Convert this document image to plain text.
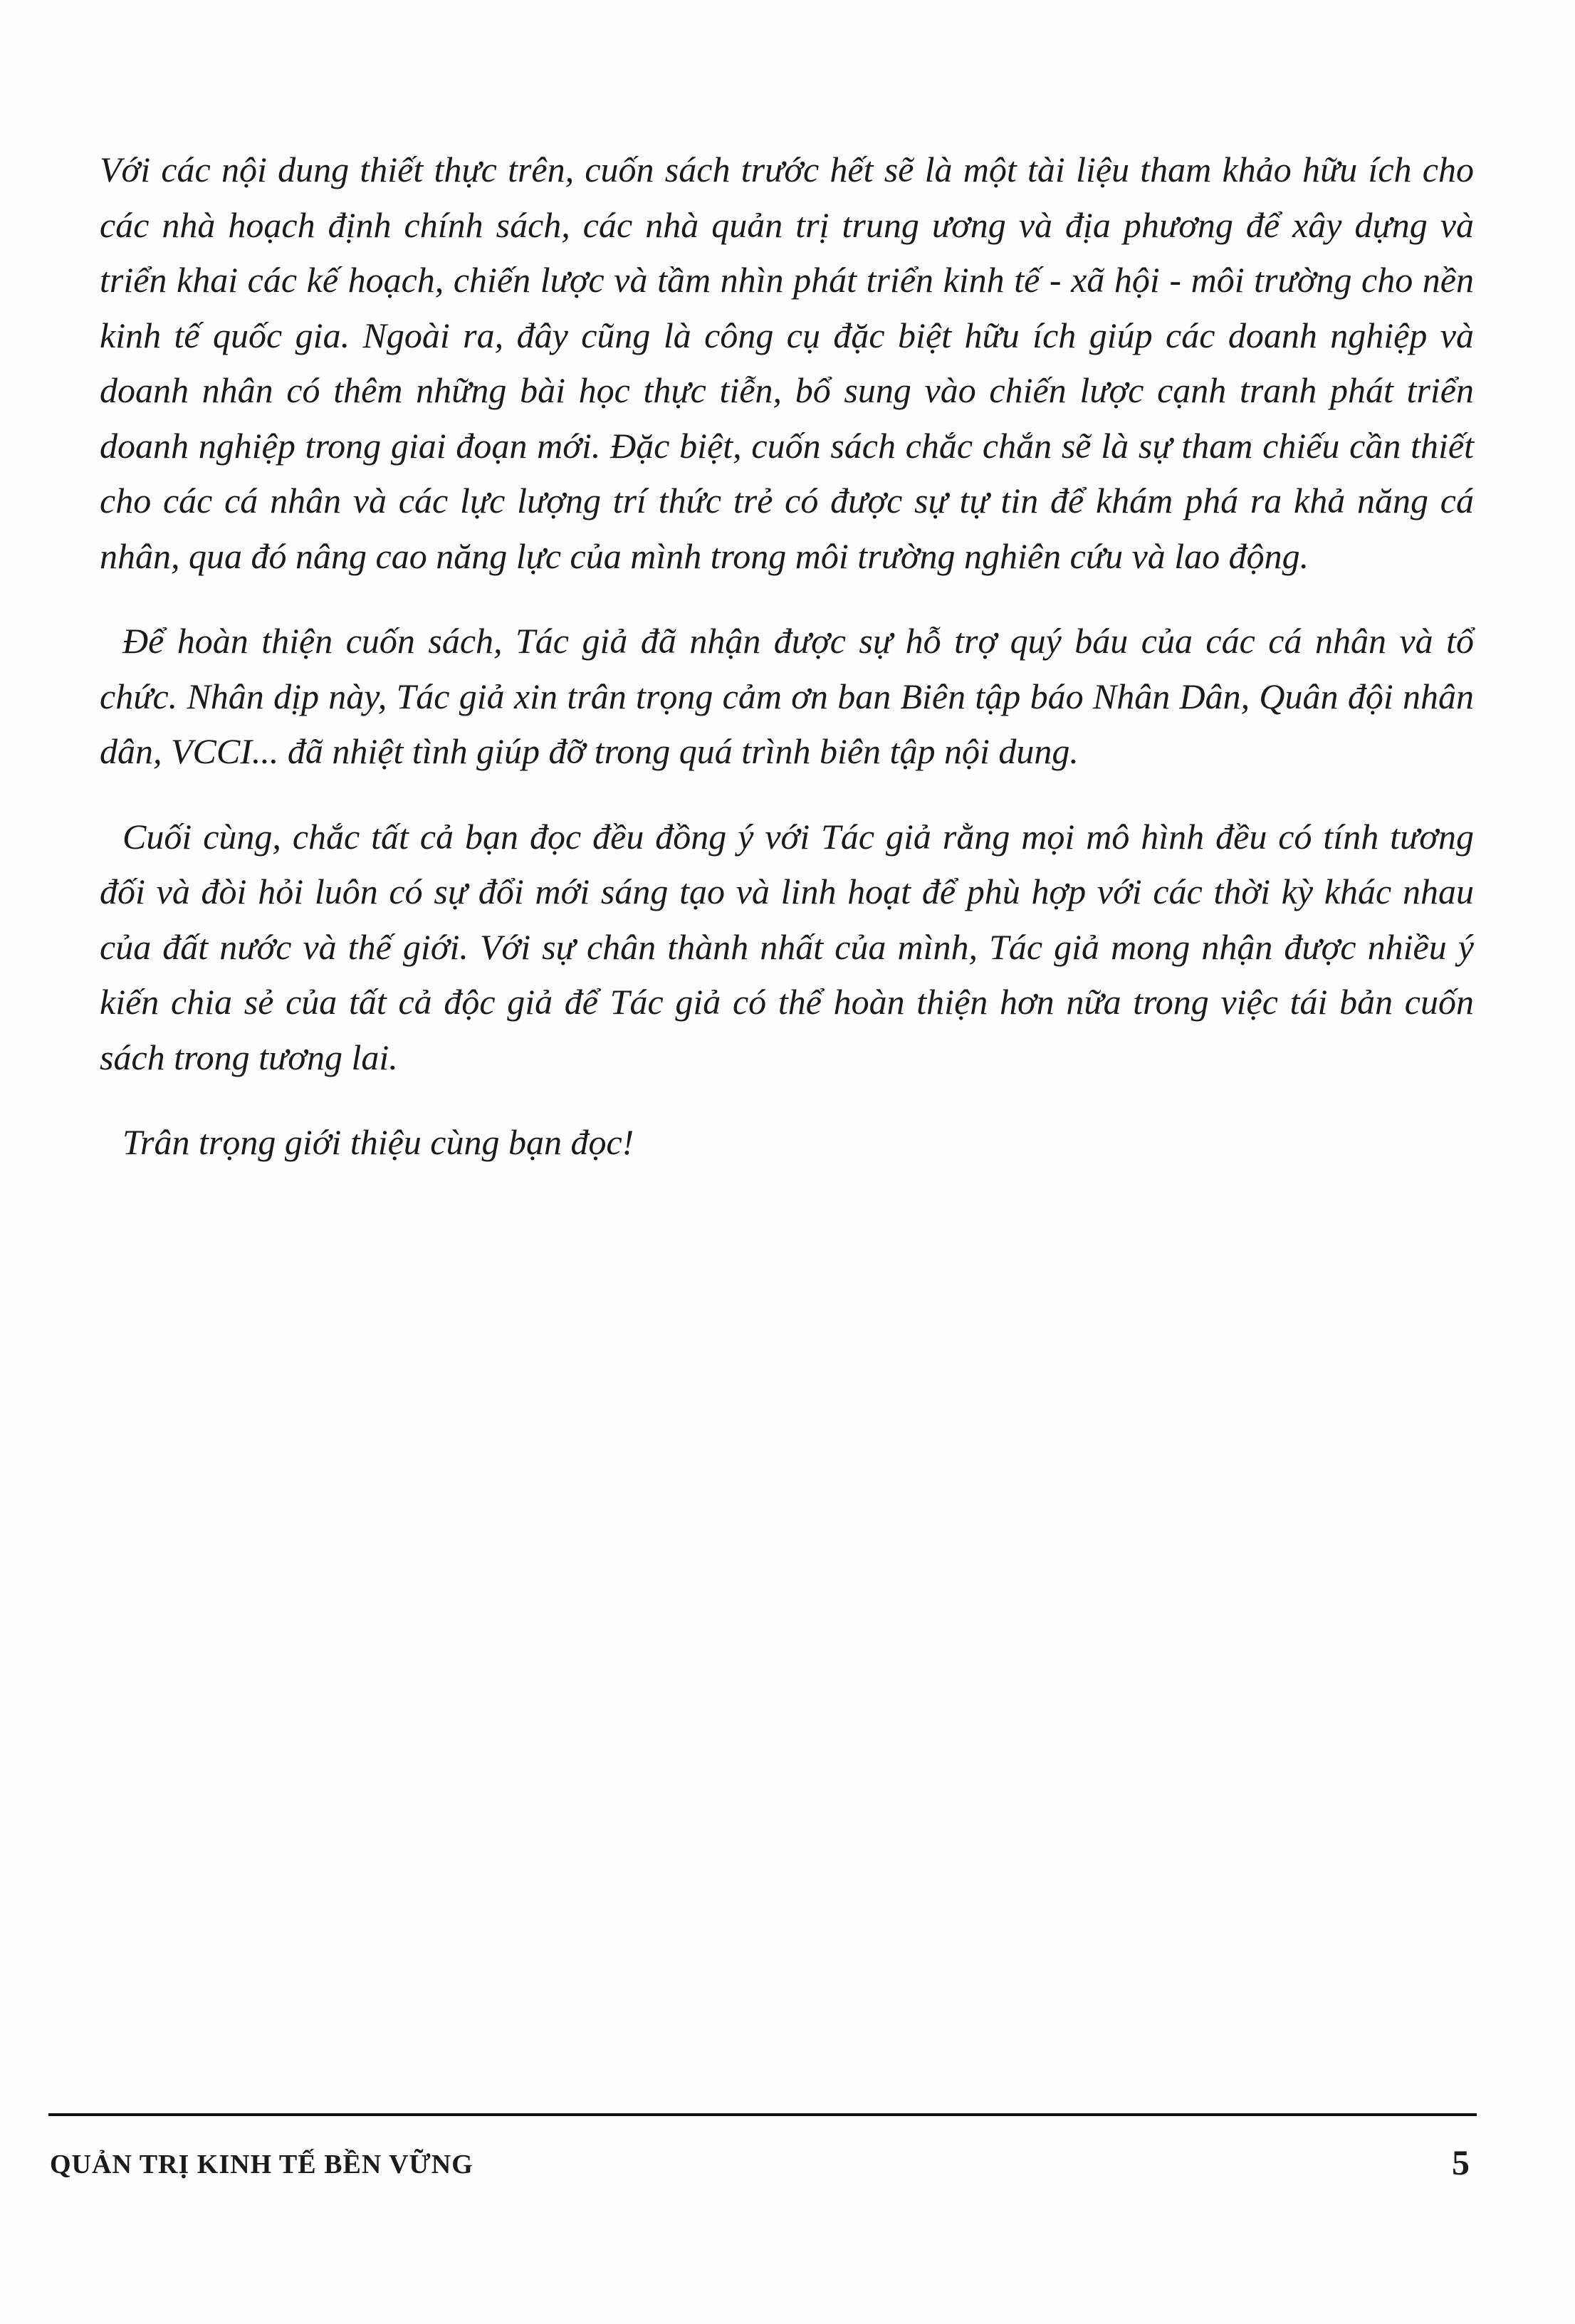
Với các nội dung thiết thực trên, cuốn sách trước hết sẽ là một tài liệu tham khảo hữu ích cho các nhà hoạch định chính sách, các nhà quản trị trung ương và địa phương để xây dựng và triển khai các kế hoạch, chiến lược và tầm nhìn phát triển kinh tế - xã hội - môi trường cho nền kinh tế quốc gia. Ngoài ra, đây cũng là công cụ đặc biệt hữu ích giúp các doanh nghiệp và doanh nhân có thêm những bài học thực tiễn, bổ sung vào chiến lược cạnh tranh phát triển doanh nghiệp trong giai đoạn mới. Đặc biệt, cuốn sách chắc chắn sẽ là sự tham chiếu cần thiết cho các cá nhân và các lực lượng trí thức trẻ có được sự tự tin để khám phá ra khả năng cá nhân, qua đó nâng cao năng lực của mình trong môi trường nghiên cứu và lao động.

Để hoàn thiện cuốn sách, Tác giả đã nhận được sự hỗ trợ quý báu của các cá nhân và tổ chức. Nhân dịp này, Tác giả xin trân trọng cảm ơn ban Biên tập báo Nhân Dân, Quân đội nhân dân, VCCI... đã nhiệt tình giúp đỡ trong quá trình biên tập nội dung.

Cuối cùng, chắc tất cả bạn đọc đều đồng ý với Tác giả rằng mọi mô hình đều có tính tương đối và đòi hỏi luôn có sự đổi mới sáng tạo và linh hoạt để phù hợp với các thời kỳ khác nhau của đất nước và thế giới. Với sự chân thành nhất của mình, Tác giả mong nhận được nhiều ý kiến chia sẻ của tất cả độc giả để Tác giả có thể hoàn thiện hơn nữa trong việc tái bản cuốn sách trong tương lai.

Trân trọng giới thiệu cùng bạn đọc!

QUẢN TRỊ KINH TẾ BỀN VỮNG	5
